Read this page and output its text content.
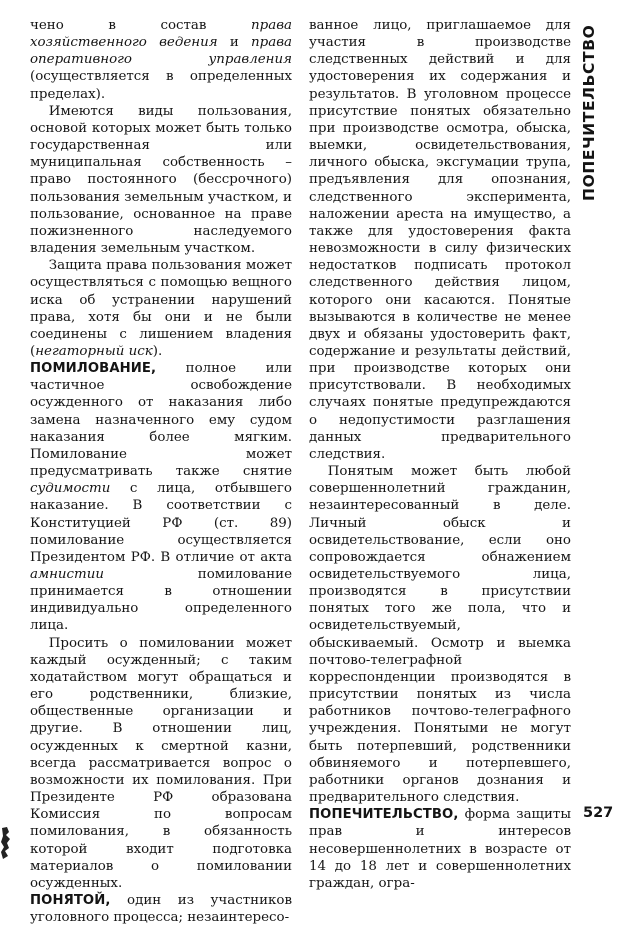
чено в состав права хозяйственного ведения и права оперативного управления (осуществляется в определенных пределах).

Имеются виды пользования, основой которых может быть только государственная или муниципальная собственность – право постоянного (бессрочного) пользования земельным участком, и пользование, основанное на праве пожизненного наследуемого владения земельным участком.

Защита права пользования может осуществляться с помощью вещного иска об устранении нарушений права, хотя бы они и не были соединены с лишением владения (негаторный иск).

ПОМИЛОВАНИЕ, полное или частичное освобождение осужденного от наказания либо замена назначенного ему судом наказания более мягким. Помилование может предусматривать также снятие судимости с лица, отбывшего наказание. В соответствии с Конституцией РФ (ст. 89) помилование осуществляется Президентом РФ. В отличие от акта амнистии помилование принимается в отношении индивидуально определенного лица.

Просить о помиловании может каждый осужденный; с таким ходатайством могут обращаться и его родственники, близкие, общественные организации и другие. В отношении лиц, осужденных к смертной казни, всегда рассматривается вопрос о возможности их помилования. При Президенте РФ образована Комиссия по вопросам помилования, в обязанность которой входит подготовка материалов о помиловании осужденных.

ПОНЯТОЙ, один из участников уголовного процесса; незаинтересо-

ванное лицо, приглашаемое для участия в производстве следственных действий и для удостоверения их содержания и результатов. В уголовном процессе присутствие понятых обязательно при производстве осмотра, обыска, выемки, освидетельствования, личного обыска, эксгумации трупа, предъявления для опознания, следственного эксперимента, наложении ареста на имущество, а также для удостоверения факта невозможности в силу физических недостатков подписать протокол следственного действия лицом, которого они касаются. Понятые вызываются в количестве не менее двух и обязаны удостоверить факт, содержание и результаты действий, при производстве которых они присутствовали. В необходимых случаях понятые предупреждаются о недопустимости разглашения данных предварительного следствия.

Понятым может быть любой совершеннолетний гражданин, незаинтересованный в деле. Личный обыск и освидетельствование, если оно сопровождается обнажением освидетельствуемого лица, производятся в присутствии понятых того же пола, что и освидетельствуемый, обыскиваемый. Осмотр и выемка почтово-телеграфной корреспонденции производятся в присутствии понятых из числа работников почтово-телеграфного учреждения. Понятыми не могут быть потерпевший, родственники обвиняемого и потерпевшего, работники органов дознания и предварительного следствия.

ПОПЕЧИТЕЛЬСТВО, форма защиты прав и интересов несовершеннолетних в возрасте от 14 до 18 лет и совершеннолетних граждан, огра-

ПОПЕЧИТЕЛЬСТВО
527
